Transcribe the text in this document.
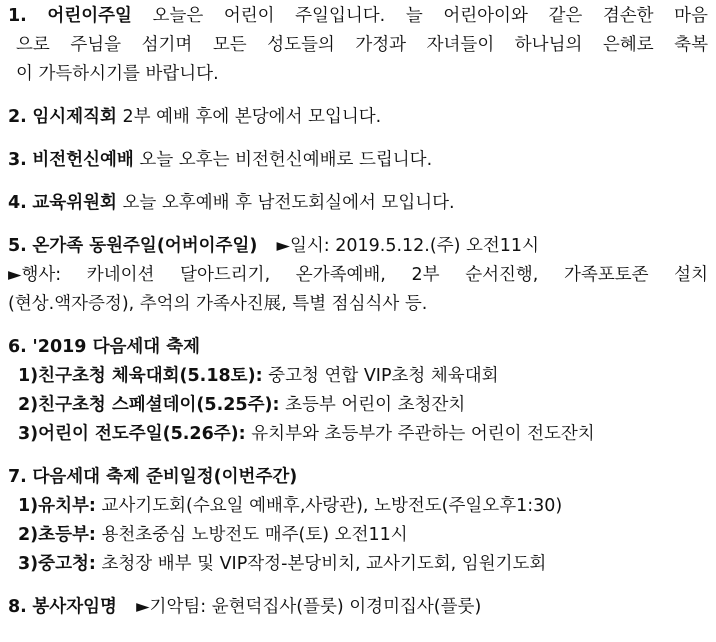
1. 어린이주일 오늘은 어린이 주일입니다. 늘 어린아이와 같은 겸손한 마음
으로 주님을 섬기며 모든 성도들의 가정과 자녀들이 하나님의 은혜로 축복
이 가득하시기를 바랍니다.
2. 임시제직회 2부 예배 후에 본당에서 모입니다.
3. 비전헌신예배 오늘 오후는 비전헌신예배로 드립니다.
4. 교육위원회 오늘 오후예배 후 남전도회실에서 모입니다.
5. 온가족 동원주일(어버이주일) ►일시: 2019.5.12.(주) 오전11시
►행사: 카네이션 달아드리기, 온가족예배, 2부 순서진행, 가족포토존 설치
(현상.액자증정), 추억의 가족사진展, 특별 점심식사 등.
6. '2019 다음세대 축제
1)친구초청 체육대회(5.18토): 중고청 연합 VIP초청 체육대회
2)친구초청 스페셜데이(5.25주): 초등부 어린이 초청잔치
3)어린이 전도주일(5.26주): 유치부와 초등부가 주관하는 어린이 전도잔치
7. 다음세대 축제 준비일정(이번주간)
1)유치부: 교사기도회(수요일 예배후,사랑관), 노방전도(주일오후1:30)
2)초등부: 용천초중심 노방전도 매주(토) 오전11시
3)중고청: 초청장 배부 및 VIP작정-본당비치, 교사기도회, 임원기도회
8. 봉사자임명 ►기악팀: 윤현덕집사(플룻) 이경미집사(플룻)
